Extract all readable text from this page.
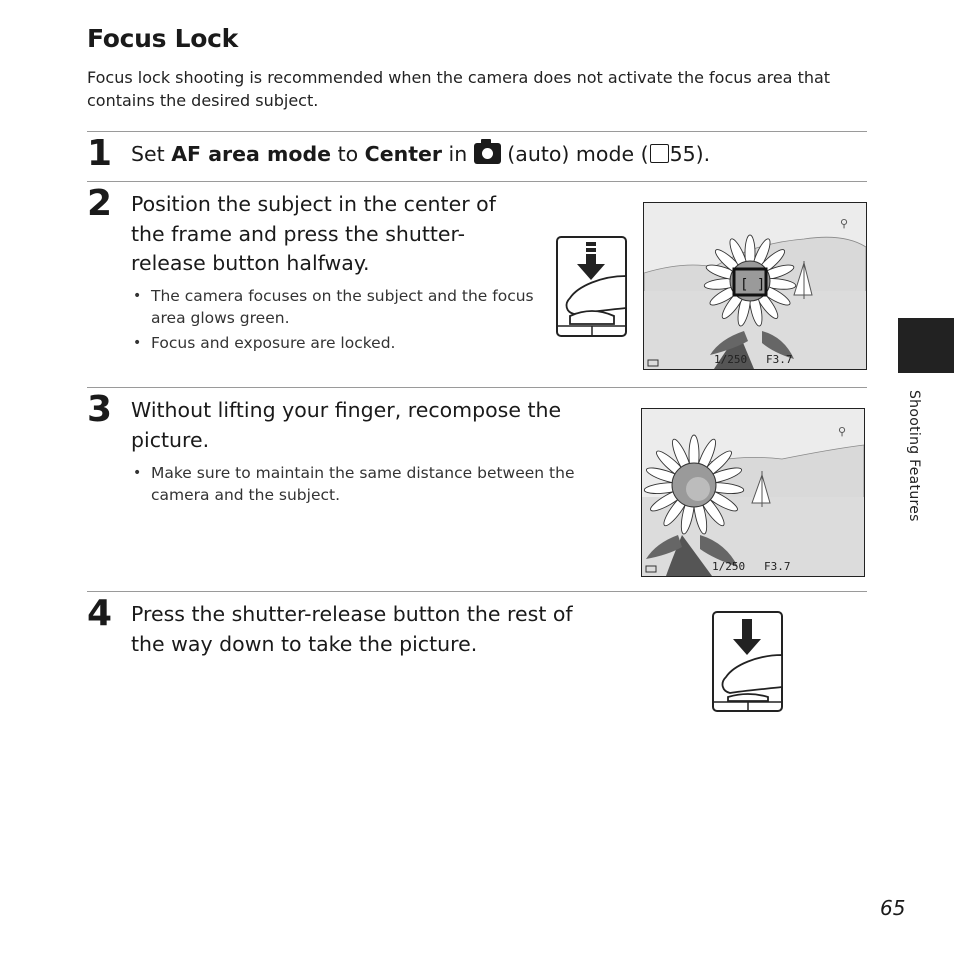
Focus Lock
Focus lock shooting is recommended when the camera does not activate the focus area that contains the desired subject.
1 Set AF area mode to Center in  (auto) mode ( 55).
2 Position the subject in the center of the frame and press the shutter-release button halfway.
• The camera focuses on the subject and the focus area glows green.
• Focus and exposure are locked.
[ ]
⚲
1/250 F3.7
3 Without lifting your finger, recompose the picture.
• Make sure to maintain the same distance between the camera and the subject.
⚲
1/250 F3.7
4 Press the shutter-release button the rest of the way down to take the picture.
Shooting Features
65
